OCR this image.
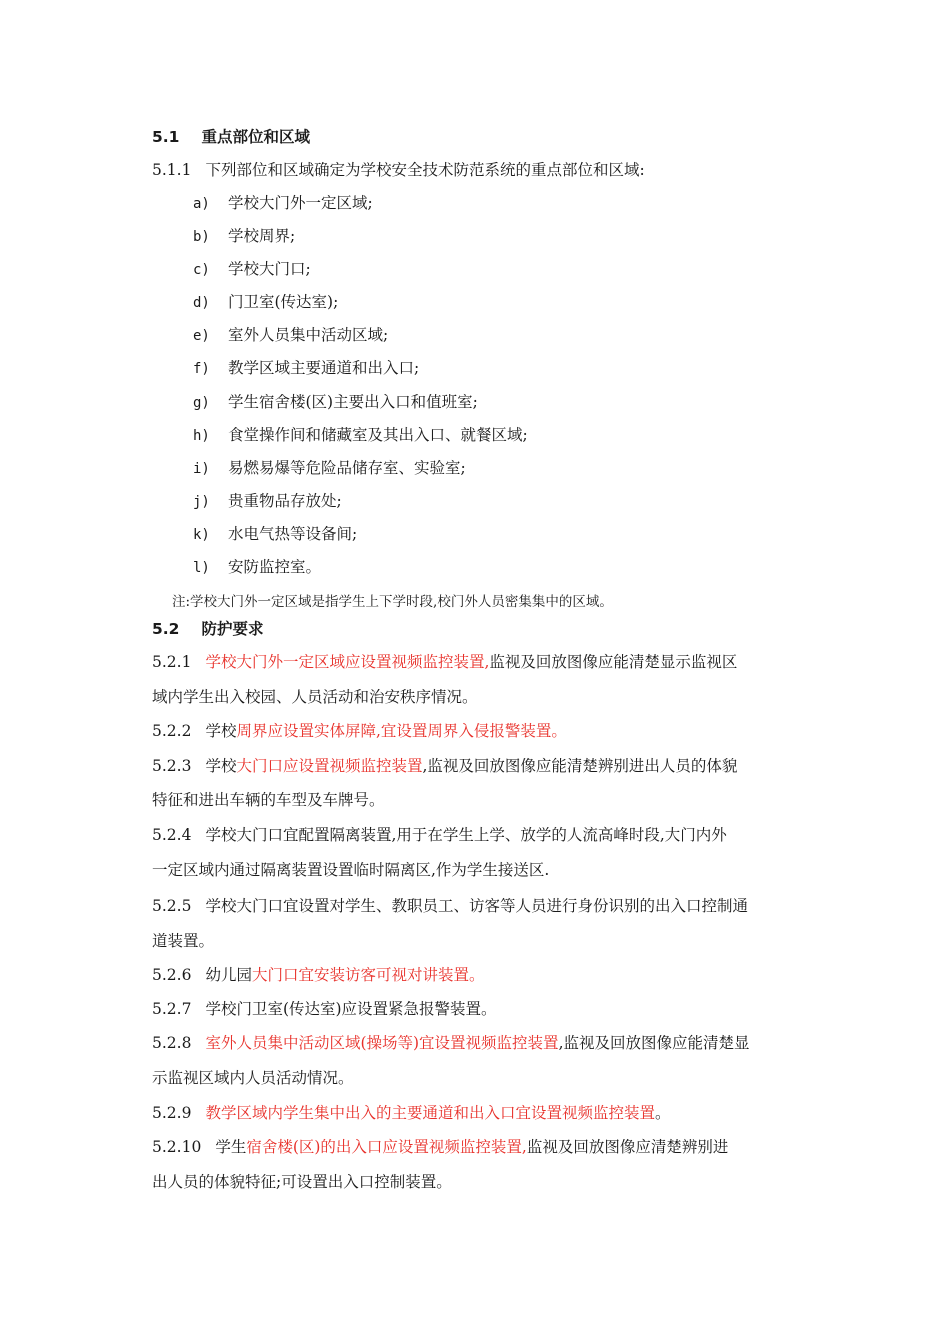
5.1 重点部位和区域
5.1.1 下列部位和区域确定为学校安全技术防范系统的重点部位和区域:
a) 学校大门外一定区域;
b) 学校周界;
c) 学校大门口;
d) 门卫室(传达室);
e) 室外人员集中活动区域;
f) 教学区域主要通道和出入口;
g) 学生宿舍楼(区)主要出入口和值班室;
h) 食堂操作间和储藏室及其出入口、就餐区域;
i) 易燃易爆等危险品储存室、实验室;
j) 贵重物品存放处;
k) 水电气热等设备间;
l) 安防监控室。
注:学校大门外一定区域是指学生上下学时段,校门外人员密集集中的区域。
5.2 防护要求
5.2.1 学校大门外一定区域应设置视频监控装置,监视及回放图像应能清楚显示监视区
域内学生出入校园、人员活动和治安秩序情况。
5.2.2 学校周界应设置实体屏障,宜设置周界入侵报警装置。
5.2.3 学校大门口应设置视频监控装置,监视及回放图像应能清楚辨别进出人员的体貌
特征和进出车辆的车型及车牌号。
5.2.4 学校大门口宜配置隔离装置,用于在学生上学、放学的人流高峰时段,大门内外
一定区域内通过隔离装置设置临时隔离区,作为学生接送区.
5.2.5 学校大门口宜设置对学生、教职员工、访客等人员进行身份识别的出入口控制通
道装置。
5.2.6 幼儿园大门口宜安装访客可视对讲装置。
5.2.7 学校门卫室(传达室)应设置紧急报警装置。
5.2.8 室外人员集中活动区域(操场等)宜设置视频监控装置,监视及回放图像应能清楚显
示监视区域内人员活动情况。
5.2.9 教学区域内学生集中出入的主要通道和出入口宜设置视频监控装置。
5.2.10 学生宿舍楼(区)的出入口应设置视频监控装置,监视及回放图像应清楚辨别进
出人员的体貌特征;可设置出入口控制装置。
